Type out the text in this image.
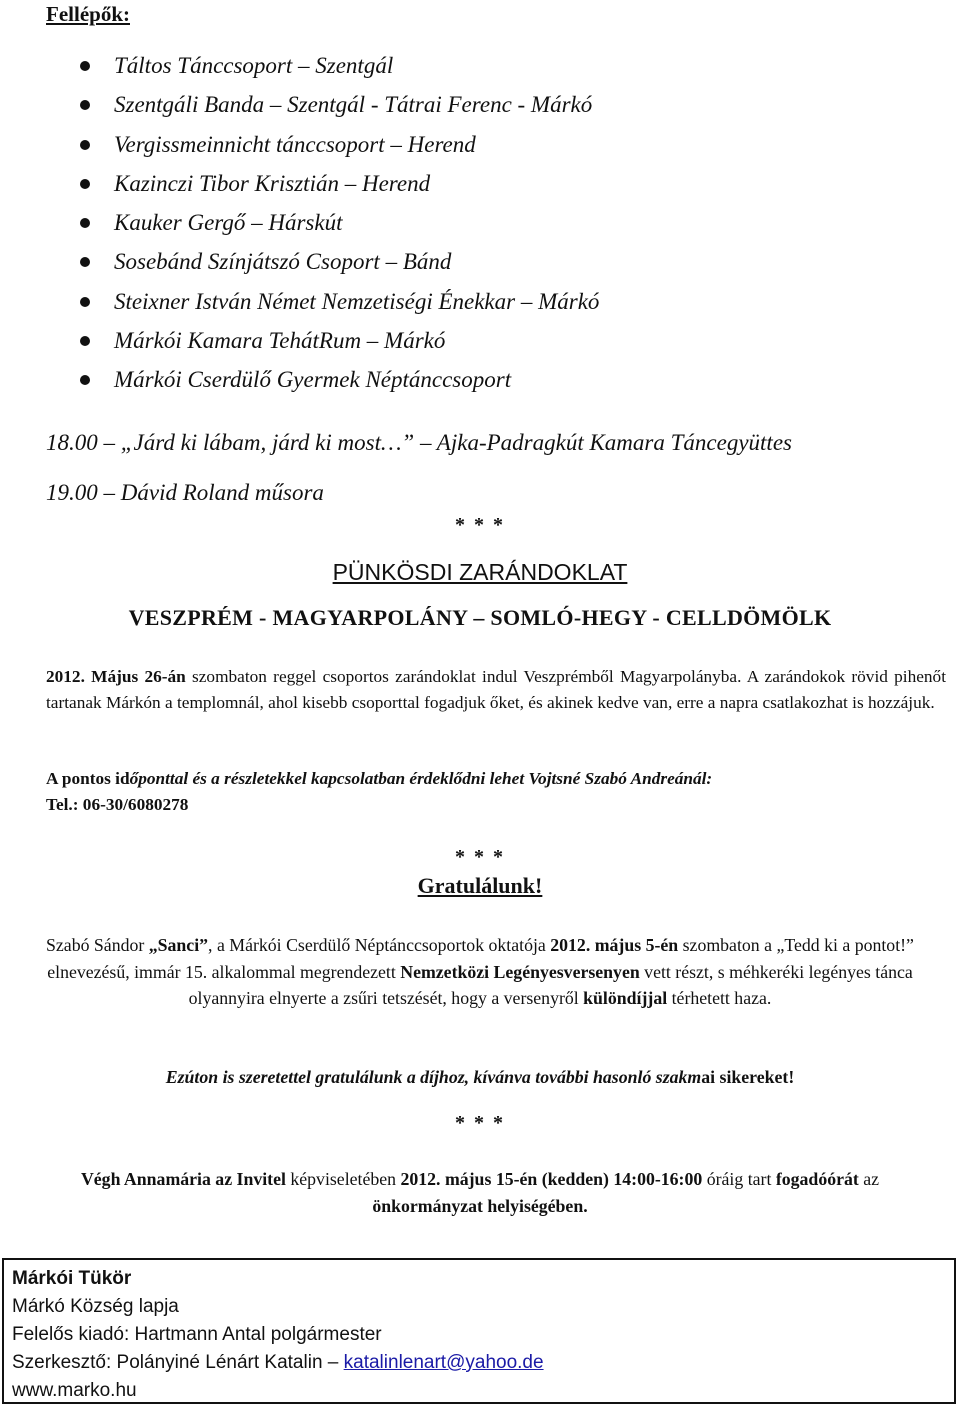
Fellépők:
Táltos Tánccsoport – Szentgál
Szentgáli Banda – Szentgál - Tátrai Ferenc - Márkó
Vergissmeinnicht tánccsoport – Herend
Kazinczi Tibor Krisztián – Herend
Kauker Gergő – Hárskút
Sosebánd Színjátszó Csoport – Bánd
Steixner István Német Nemzetiségi Énekkar – Márkó
Márkói Kamara TehátRum – Márkó
Márkói Cserdülő Gyermek Néptánccsoport
18.00 – „Járd ki lábam, járd ki most…” – Ajka-Padragkút Kamara Táncegyüttes
19.00 – Dávid Roland műsora
* * *
PÜNKÖSDI ZARÁNDOKLAT
VESZPRÉM - MAGYARPOLÁNY – SOMLÓ-HEGY - CELLDÖMÖLK
2012. Május 26-án szombaton reggel csoportos zarándoklat indul Veszprémből Magyarpolányba. A zarándokok rövid pihenőt tartanak Márkón a templomnál, ahol kisebb csoporttal fogadjuk őket, és akinek kedve van, erre a napra csatlakozhat is hozzájuk.
A pontos időponttal és a részletekkel kapcsolatban érdeklődni lehet Vojtsné Szabó Andreánál:
Tel.: 06-30/6080278
* * *
Gratulálunk!
Szabó Sándor „Sanci”, a Márkói Cserdülő Néptánccsoportok oktatója 2012. május 5-én szombaton a „Tedd ki a pontot!” elnevezésű, immár 15. alkalommal megrendezett Nemzetközi Legényesversenyen vett részt, s méhkeréki legényes tánca olyannyira elnyerte a zsűri tetszését, hogy a versenyről különdíjjal térhetett haza.
Ezúton is szeretettel gratulálunk a díjhoz, kívánva további hasonló szakmai sikereket!
* * *
Végh Annamária az Invitel képviseletében 2012. május 15-én (kedden) 14:00-16:00 óráig tart fogadóórát az önkormányzat helyiségében.
Márkói Tükör
Márkó Község lapja
Felelős kiadó: Hartmann Antal polgármester
Szerkesztő: Polányiné Lénárt Katalin – katalinlenart@yahoo.de
www.marko.hu
